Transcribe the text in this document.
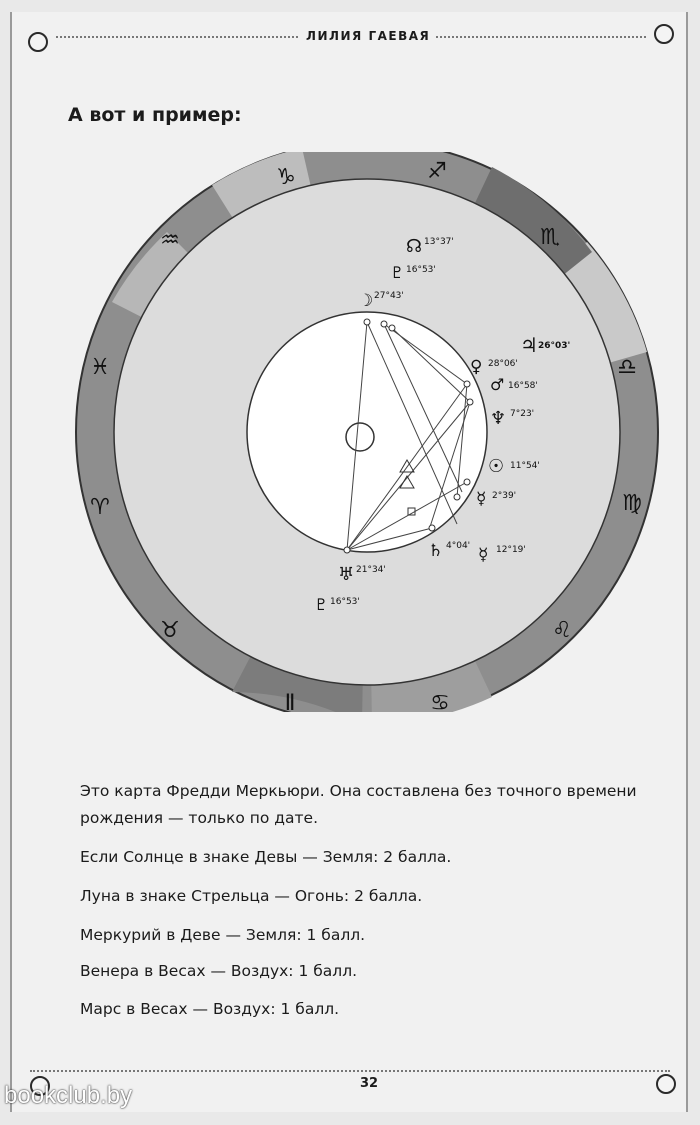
ЛИЛИЯ ГАЕВАЯ
А вот и пример:
♑	♐
♏
♎
♍
♌
♋
Ⅱ
♉
♈
♓
♒	☊ 13°37'
♇ 16°53'
☽ 27°43'
♃ 26°03'
♀ 28°06'
♂ 16°58'
♆ 7°23'
☉ 11°54'
☿ 2°39'
♄ 4°04' ☿ 12°19'
♅ 21°34'
♇ 16°53'
Это карта Фредди Меркьюри. Она составлена без точного времени рождения — только по дате.
Если Солнце в знаке Девы — Земля: 2 балла.
Луна в знаке Стрельца — Огонь: 2 балла.
Меркурий в Деве — Земля: 1 балл.
Венера в Весах — Воздух: 1 балл.
Марс в Весах — Воздух: 1 балл.
32
bookclub.by
